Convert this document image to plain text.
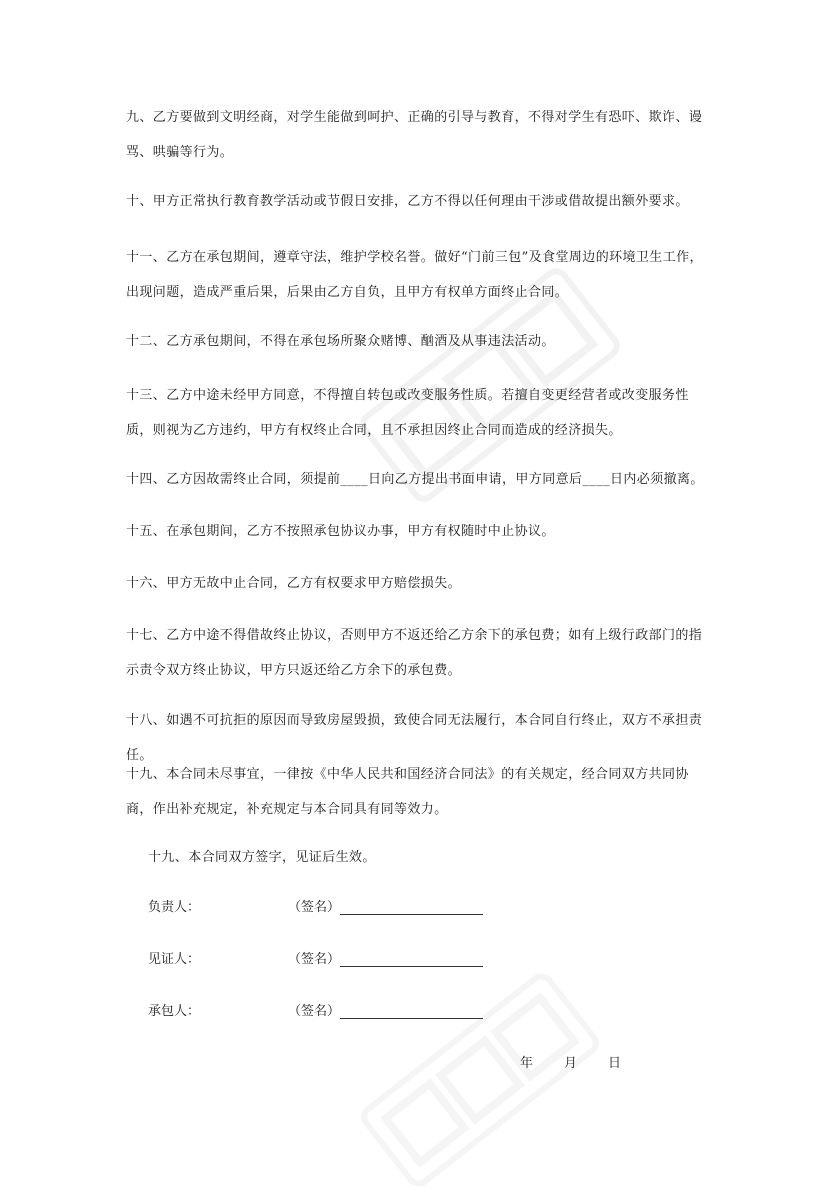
九、乙方要做到文明经商，对学生能做到呵护、正确的引导与教育，不得对学生有恐吓、欺诈、谩骂、哄骗等行为。

十、甲方正常执行教育教学活动或节假日安排，乙方不得以任何理由干涉或借故提出额外要求。

十一、乙方在承包期间，遵章守法，维护学校名誉。做好“门前三包”及食堂周边的环境卫生工作，出现问题，造成严重后果，后果由乙方自负，且甲方有权单方面终止合同。

十二、乙方承包期间，不得在承包场所聚众赌博、酗酒及从事违法活动。

十三、乙方中途未经甲方同意，不得擅自转包或改变服务性质。若擅自变更经营者或改变服务性质，则视为乙方违约，甲方有权终止合同，且不承担因终止合同而造成的经济损失。

十四、乙方因故需终止合同，须提前____日向乙方提出书面申请，甲方同意后____日内必须撤离。

十五、在承包期间，乙方不按照承包协议办事，甲方有权随时中止协议。

十六、甲方无故中止合同，乙方有权要求甲方赔偿损失。

十七、乙方中途不得借故终止协议，否则甲方不返还给乙方余下的承包费；如有上级行政部门的指示责令双方终止协议，甲方只返还给乙方余下的承包费。

十八、如遇不可抗拒的原因而导致房屋毁损，致使合同无法履行，本合同自行终止，双方不承担责任。

十九、本合同未尽事宜，一律按《中华人民共和国经济合同法》的有关规定，经合同双方共同协商，作出补充规定，补充规定与本合同具有同等效力。

十九、本合同双方签字，见证后生效。

负责人：	（签名）
见证人：	（签名）
承包人：	（签名）
年 月 日
